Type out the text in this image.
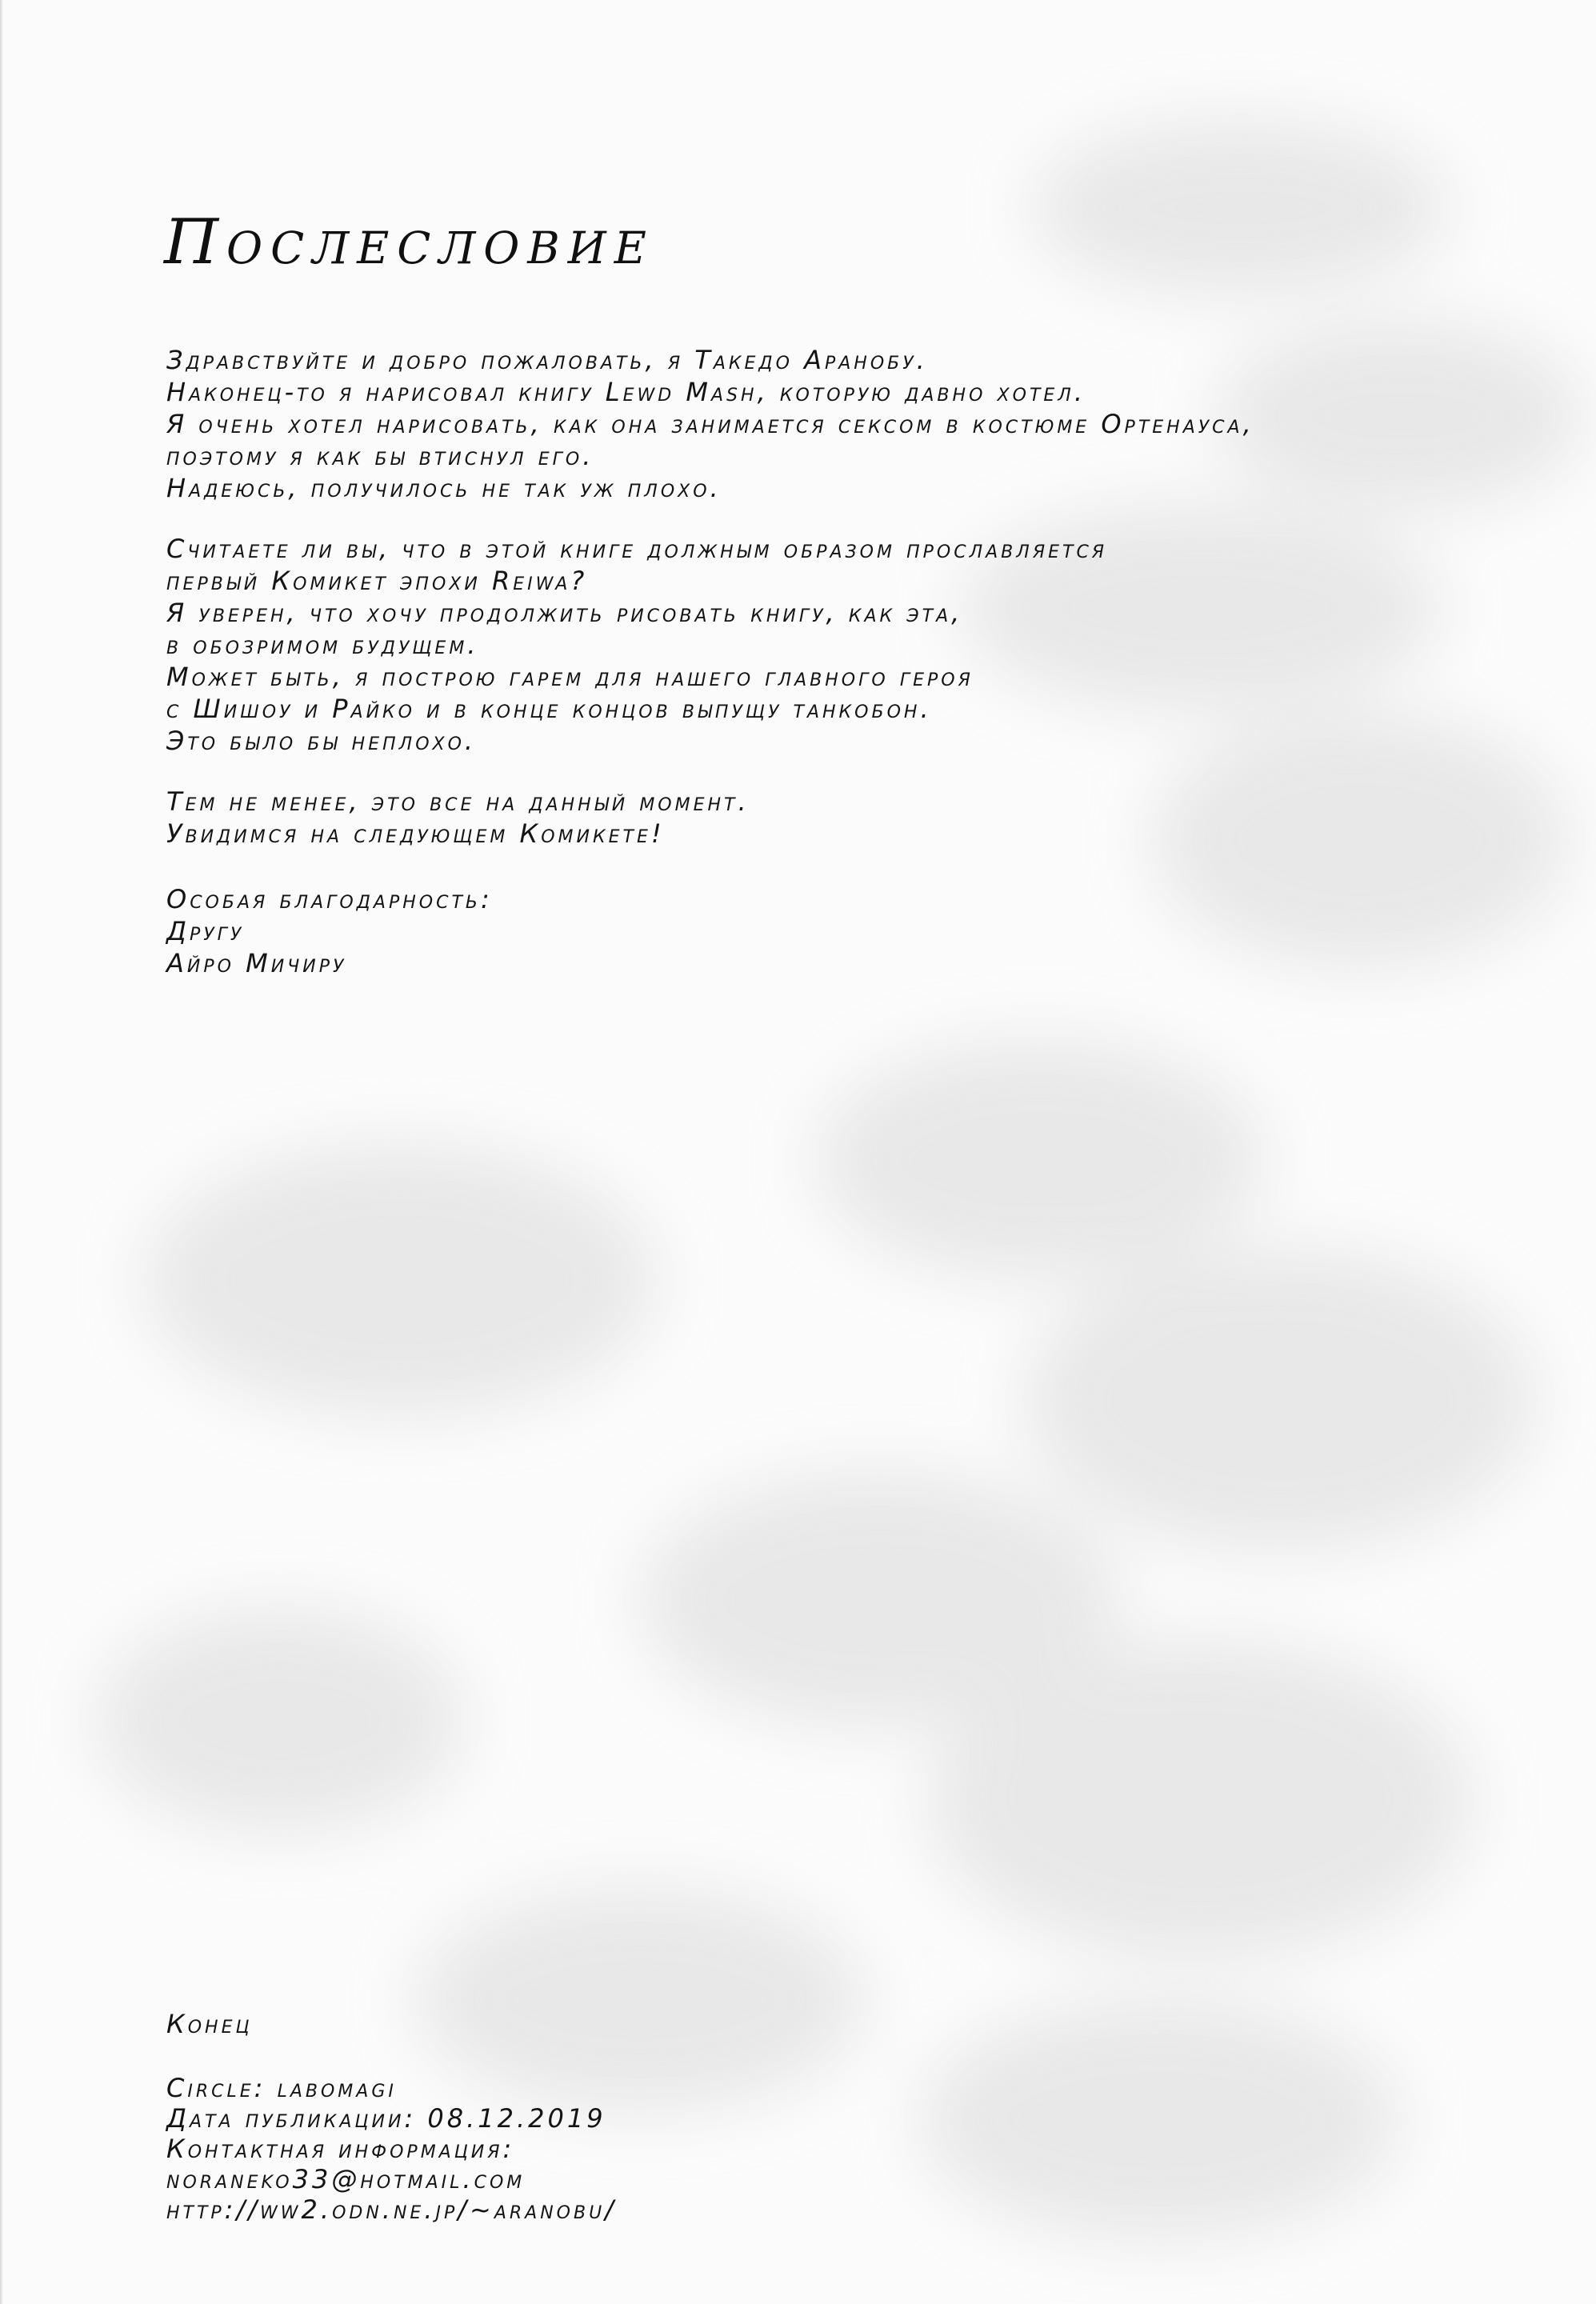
Послесловие
Здравствуйте и добро пожаловать, я Такедо Аранобу.
Наконец-то я нарисовал книгу Lewd Mash, которую давно хотел.
Я очень хотел нарисовать, как она занимается сексом в костюме Ортенауса,
поэтому я как бы втиснул его.
Надеюсь, получилось не так уж плохо.
Считаете ли вы, что в этой книге должным образом прославляется
первый Комикет эпохи Reiwa?
Я уверен, что хочу продолжить рисовать книгу, как эта,
в обозримом будущем.
Может быть, я построю гарем для нашего главного героя
с Шишоу и Райко и в конце концов выпущу танкобон.
Это было бы неплохо.
Тем не менее, это все на данный момент.
Увидимся на следующем Комикете!
Особая благодарность:
Другу
Айро Мичиру
Конец
Circle: labomagi
Дата публикации: 08.12.2019
Контактная информация:
noraneko33@hotmail.com
http://ww2.odn.ne.jp/~aranobu/
